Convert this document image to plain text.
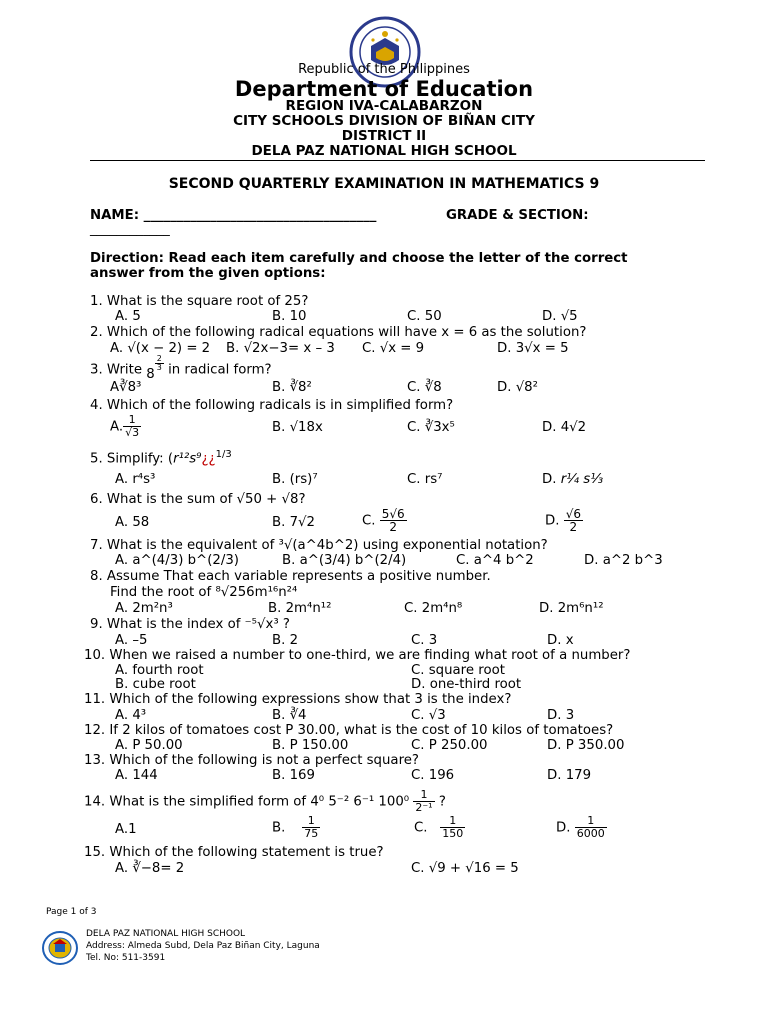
Republic of the Philippines
Department of Education
REGION IVA-CALABARZON
CITY SCHOOLS DIVISION OF BIÑAN CITY
DISTRICT II
DELA PAZ NATIONAL HIGH SCHOOL
SECOND QUARTERLY EXAMINATION IN MATHEMATICS 9
NAME: ___________________________________	GRADE & SECTION:
____________
Direction: Read each item carefully and choose the letter of the correct
answer from the given options:
1. What is the square root of 25?
A. 5	B. 10	C. 50	D. √5
2. Which of the following radical equations will have x = 6 as the solution?
A. √(x − 2) = 2 B. √2x−3= x – 3 C. √x = 9	D. 3√x = 5
3. Write 8
$\frac{2}{3}$ in radical form?
A∛8³	B. ∛8²	C. ∛8	D. √8²
4. Which of the following radicals is in simplified form?
A. $\frac{1}{√3}$	B. √18x	C. ∛3x⁵	D. 4√2
5. Simplify: (r¹²s⁹¿¿$^{1/3}$
A. r⁴s³	B. (rs)⁷	C. rs⁷	D. r¼ s⅓
6. What is the sum of √50 + √8?
A. 58	B. 7√2	C. $\frac{5√6}{2}$	D. $\frac{√6}{2}$
7. What is the equivalent of ³√(a^4b^2) using exponential notation?
A. a^(4/3) b^(2/3)	B. a^(3/4) b^(2/4)	C. a^4 b^2	D. a^2 b^3
8. Assume That each variable represents a positive number.
Find the root of ⁸√256m¹⁶n²⁴
A. 2m²n³	B. 2m⁴n¹²	C. 2m⁴n⁸	D. 2m⁶n¹²
9. What is the index of ⁻⁵√x³ ?
A. –5	B. 2	C. 3	D. x
10. When we raised a number to one-third, we are finding what root of a number?
A. fourth root	C. square root
B. cube root	D. one-third root
11. Which of the following expressions show that 3 is the index?
A. 4³	B. ∛4	C. √3	D. 3
12. If 2 kilos of tomatoes cost P 30.00, what is the cost of 10 kilos of tomatoes?
A. P 50.00	B. P 150.00	C. P 250.00	D. P 350.00
13. Which of the following is not a perfect square?
A. 144	B. 169	C. 196	D. 179
14. What is the simplified form of 4⁰ 5⁻² 6⁻¹ $100^0 \frac{1}{\text{2⁻¹}}$ ?
A.1	B. $\frac{1}{75}$	C. $\frac{1}{150}$	D. $\frac{1}{6000}$
15. Which of the following statement is true?
A. ∛−8= 2	C. √9 + √16 = 5
Page 1 of 3
DELA PAZ NATIONAL HIGH SCHOOL
Address: Almeda Subd, Dela Paz Biñan City, Laguna
Tel. No: 511-3591
